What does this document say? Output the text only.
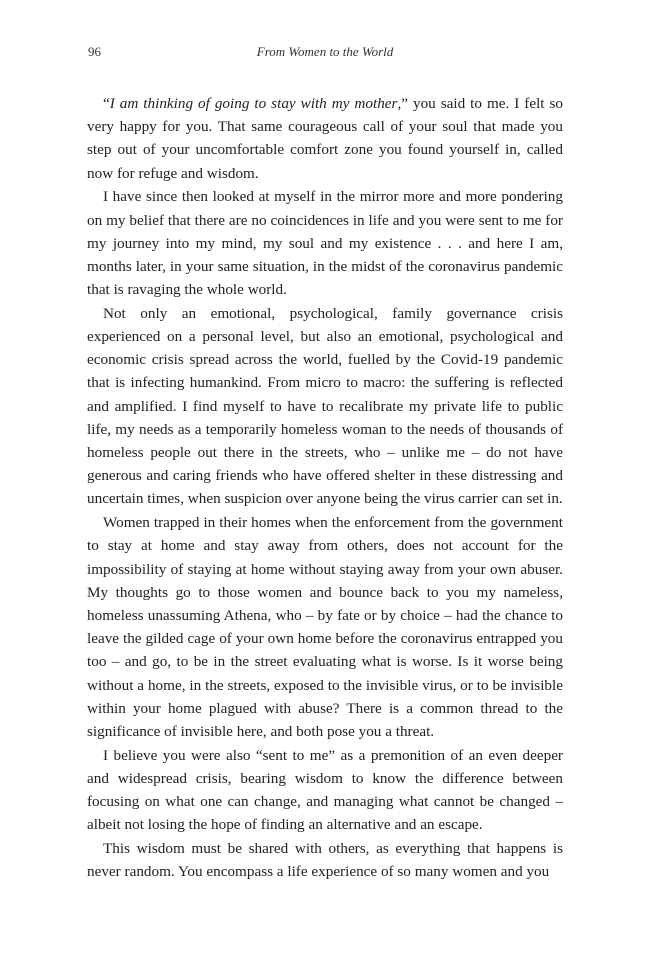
96	From Women to the World

“I am thinking of going to stay with my mother,” you said to me. I felt so very happy for you. That same courageous call of your soul that made you step out of your uncomfortable comfort zone you found yourself in, called now for refuge and wisdom.

I have since then looked at myself in the mirror more and more pondering on my belief that there are no coincidences in life and you were sent to me for my journey into my mind, my soul and my existence . . . and here I am, months later, in your same situation, in the midst of the coronavirus pandemic that is ravaging the whole world.

Not only an emotional, psychological, family governance crisis experienced on a personal level, but also an emotional, psychological and economic crisis spread across the world, fuelled by the Covid-19 pandemic that is infecting humankind. From micro to macro: the suffering is reflected and amplified. I find myself to have to recalibrate my private life to public life, my needs as a temporarily homeless woman to the needs of thousands of homeless people out there in the streets, who – unlike me – do not have generous and caring friends who have offered shelter in these distressing and uncertain times, when suspicion over anyone being the virus carrier can set in.

Women trapped in their homes when the enforcement from the government to stay at home and stay away from others, does not account for the impossibility of staying at home without staying away from your own abuser. My thoughts go to those women and bounce back to you my nameless, homeless unassuming Athena, who – by fate or by choice – had the chance to leave the gilded cage of your own home before the coronavirus entrapped you too – and go, to be in the street evaluating what is worse. Is it worse being without a home, in the streets, exposed to the invisible virus, or to be invisible within your home plagued with abuse? There is a common thread to the significance of invisible here, and both pose you a threat.

I believe you were also “sent to me” as a premonition of an even deeper and widespread crisis, bearing wisdom to know the difference between focusing on what one can change, and managing what cannot be changed – albeit not losing the hope of finding an alternative and an escape.

This wisdom must be shared with others, as everything that happens is never random. You encompass a life experience of so many women and you
